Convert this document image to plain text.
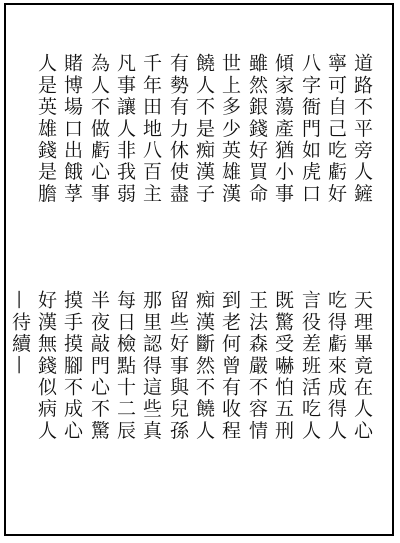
道路不平旁人鏟
寧可自己吃虧好
八字衙門如虎口
傾家蕩產猶小事
雖然銀錢好買命
世上多少英雄漢
饒人不是痴漢子
有勢有力休使盡
千年田地八百主
凡事讓人非我弱
為人不做虧心事
賭博場口出餓莩
人是英雄錢是膽
天理畢竟在人心
吃得虧來成得人
言役差班活吃人
既驚受嚇怕五刑
王法森嚴不容情
到老何曾有收程
痴漢斷然不饒人
留些好事與兒孫
那里認得這些真
每日檢點十二辰
半夜敲門心不驚
摸手摸腳不成心
好漢無錢似病人
—待續—
